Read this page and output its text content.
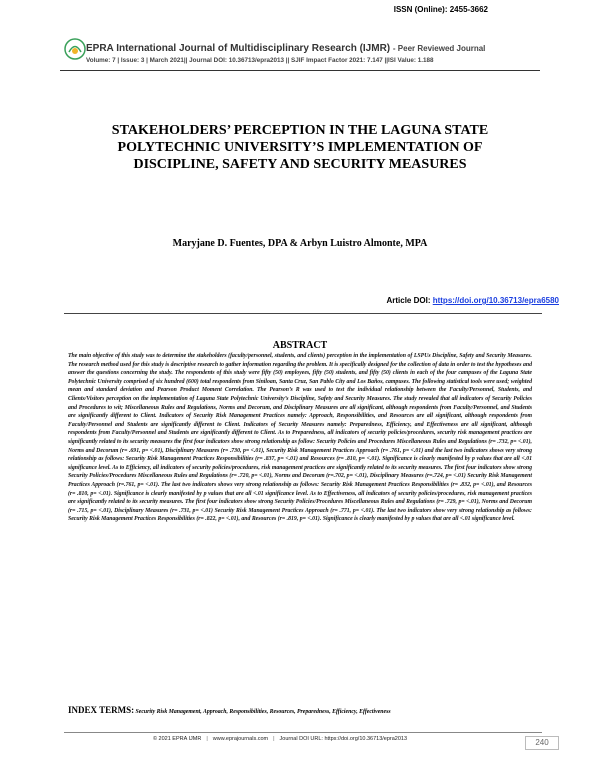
ISSN (Online): 2455-3662
EPRA International Journal of Multidisciplinary Research (IJMR) - Peer Reviewed Journal
Volume: 7 | Issue: 3 | March 2021|| Journal DOI: 10.36713/epra2013 || SJIF Impact Factor 2021: 7.147 ||ISI Value: 1.188
STAKEHOLDERS’ PERCEPTION IN THE LAGUNA STATE POLYTECHNIC UNIVERSITY’S IMPLEMENTATION OF DISCIPLINE, SAFETY AND SECURITY MEASURES
Maryjane D. Fuentes, DPA & Arbyn Luistro Almonte, MPA
Article DOI: https://doi.org/10.36713/epra6580
ABSTRACT

The main objective of this study was to determine the stakeholders (faculty/personnel, students, and clients) perception in the implementation of LSPUs Discipline, Safety and Security Measures. The research method used for this study is descriptive research to gather information regarding the problem. It is specifically designed for the collection of data in order to test the hypotheses and answer the questions concerning the study. The respondents of this study were fifty (50) employees, fifty (50) students, and fifty (50) clients in each of the four campuses of the Laguna State Polytechnic University comprised of six hundred (600) total respondents from Siniloan, Santa Cruz, San Pablo City and Los Baños, campuses. The following statistical tools were used; weighted mean and standard deviation and Pearson Product Moment Correlation. The Pearson’s R was used to test the individual relationship between the Faculty/Personnel, Students, and Clients/Visitors perception on the implementation of Laguna State Polytechnic University’s Discipline, Safety and Security Measures. The study revealed that all indicators of Security Policies and Procedures to wit; Miscellaneous Rules and Regulations, Norms and Decorum, and Disciplinary Measures are all significant, although respondents from Faculty/Personnel, and Students are significantly different to Client. Indicators of Security Risk Management Practices namely: Approach, Responsibilities, and Resources are all significant, although respondents from Faculty/Personnel and Students are significantly different to Client. Indicators of Security Measures namely: Preparedness, Efficiency, and Effectiveness are all significant, although respondents from Faculty/Personnel and Students are significantly different to Client. As to Preparedness, all indicators of security policies/procedures, security risk management practices are significantly related to its security measures the first four indicators show strong relationship as follow: Security Policies and Procedures Miscellaneous Rules and Regulations (r= .732, p= <.01), Norms and Decorum (r= .691, p= <.01), Disciplinary Measures (r= .730, p= <.01), Security Risk Management Practices Approach (r= .761, p= <.01) and the last two indicators shows very strong relationship as follows: Security Risk Management Practices Responsibilities (r= .837, p= <.01) and Resources (r= .810, p= <.01). Significance is clearly manifested by p values that are all <.01 significance level. As to Efficiency, all indicators of security policies/procedures, risk management practices are significantly related to its security measures. The first four indicators show strong Security Policies/Procedures Miscellaneous Rules and Regulations (r= .720, p= <.01), Norms and Decorum (r=.702, p= <.01), Disciplinary Measures (r=.724, p= <.01) Security Risk Management Practices Approach (r=.761, p= <.01). The last two indicators shows very strong relationship as follows: Security Risk Management Practices Responsibilities (r= .832, p= <.01), and Resources (r= .810, p= <.01). Significance is clearly manifested by p values that are all <.01 significance level. As to Effectiveness, all indicators of security policies/procedures, risk management practices are significantly related to its security measures. The first four indicators show strong Security Policies/Procedures Miscellaneous Rules and Regulations (r= .729, p= <.01), Norms and Decorum (r= .715, p= <.01), Disciplinary Measures (r= .731, p= <.01) Security Risk Management Practices Approach (r= .771, p= <.01). The last two indicators show very strong relationship as follows: Security Risk Management Practices Responsibilities (r= .822, p= <.01), and Resources (r= .819, p= <.01). Significance is clearly manifested by p values that are all <.01 significance level.

INDEX TERMS: Security Risk Management, Approach, Responsibilities, Resources, Preparedness, Efficiency, Effectiveness

© 2021 EPRA IJMR | www.eprajournals.com | Journal DOI URL: https://doi.org/10.36713/epra2013	240
